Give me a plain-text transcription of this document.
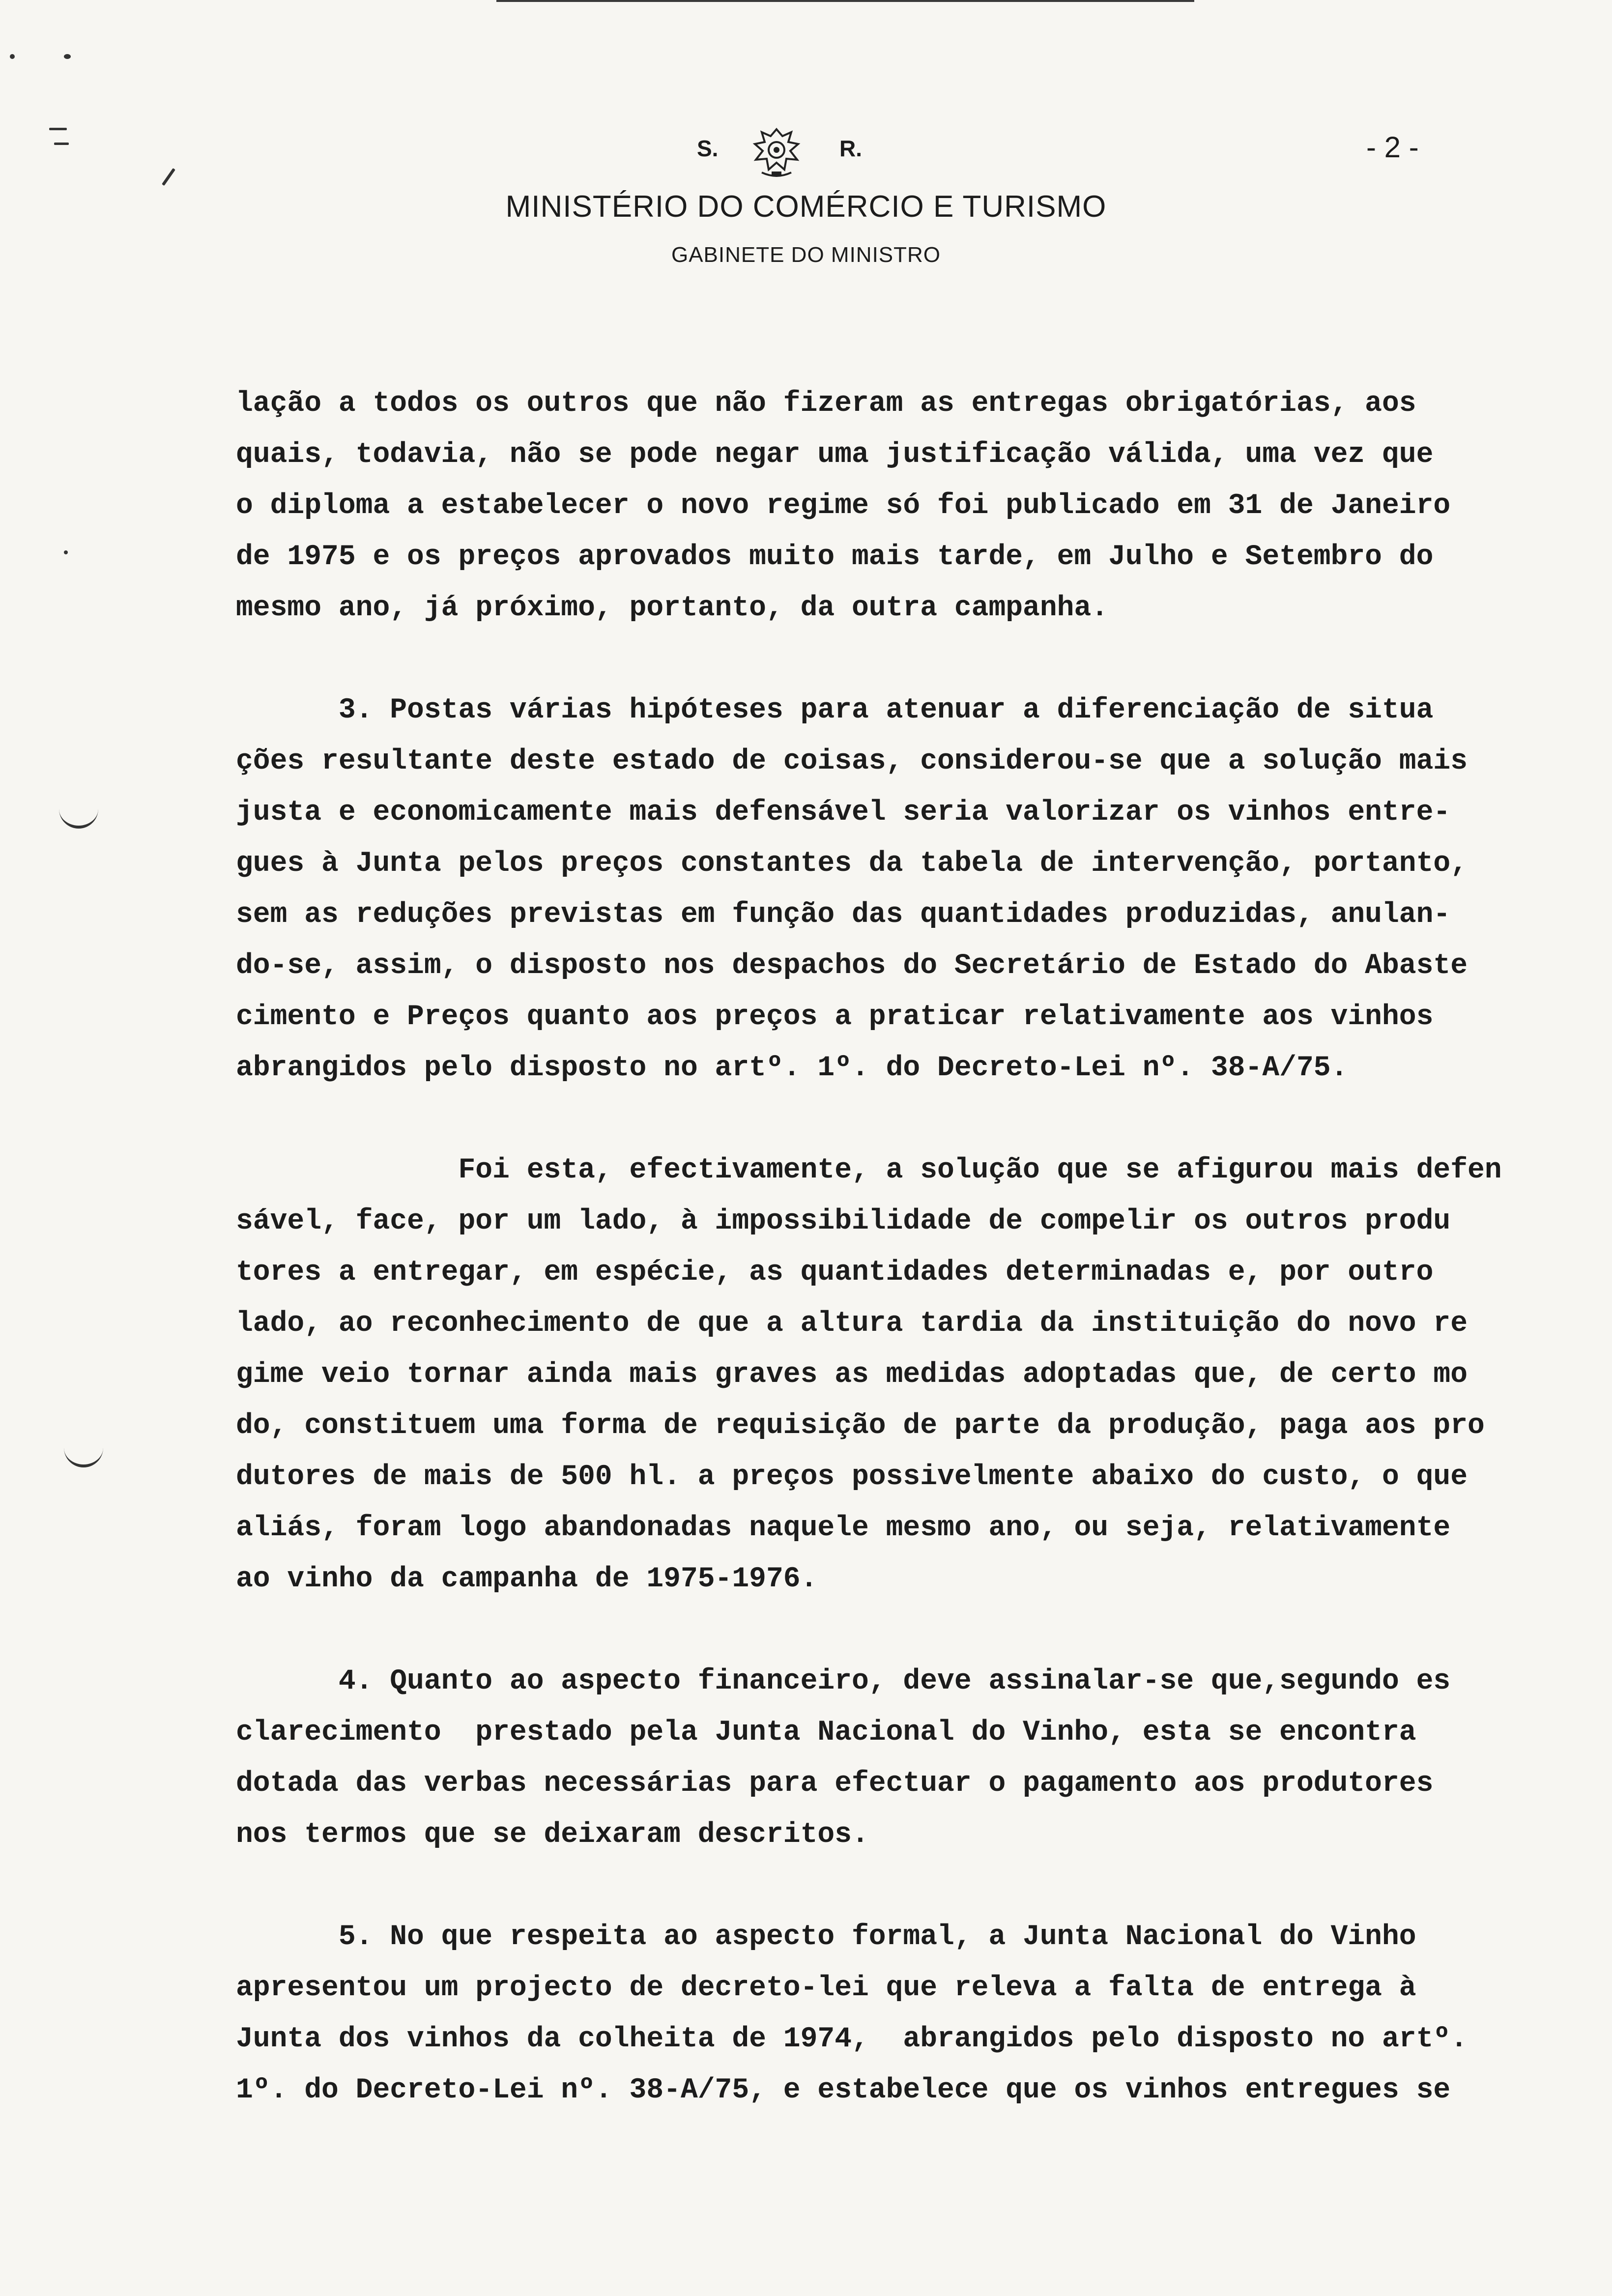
S.	R.	- 2 -
MINISTÉRIO DO COMÉRCIO E TURISMO
GABINETE DO MINISTRO
lação a todos os outros que não fizeram as entregas obrigatórias, aos
quais, todavia, não se pode negar uma justificação válida, uma vez que
o diploma a estabelecer o novo regime só foi publicado em 31 de Janeiro
de 1975 e os preços aprovados muito mais tarde, em Julho e Setembro do
mesmo ano, já próximo, portanto, da outra campanha.
3. Postas várias hipóteses para atenuar a diferenciação de situa
ções resultante deste estado de coisas, considerou-se que a solução mais
justa e economicamente mais defensável seria valorizar os vinhos entre-
gues à Junta pelos preços constantes da tabela de intervenção, portanto,
sem as reduções previstas em função das quantidades produzidas, anulan-
do-se, assim, o disposto nos despachos do Secretário de Estado do Abaste
cimento e Preços quanto aos preços a praticar relativamente aos vinhos
abrangidos pelo disposto no artº. 1º. do Decreto-Lei nº. 38-A/75.
Foi esta, efectivamente, a solução que se afigurou mais defen
sável, face, por um lado, à impossibilidade de compelir os outros produ
tores a entregar, em espécie, as quantidades determinadas e, por outro
lado, ao reconhecimento de que a altura tardia da instituição do novo re
gime veio tornar ainda mais graves as medidas adoptadas que, de certo mo
do, constituem uma forma de requisição de parte da produção, paga aos pro
dutores de mais de 500 hl. a preços possivelmente abaixo do custo, o que
aliás, foram logo abandonadas naquele mesmo ano, ou seja, relativamente
ao vinho da campanha de 1975-1976.
4. Quanto ao aspecto financeiro, deve assinalar-se que,segundo es
clarecimento  prestado pela Junta Nacional do Vinho, esta se encontra
dotada das verbas necessárias para efectuar o pagamento aos produtores
nos termos que se deixaram descritos.
5. No que respeita ao aspecto formal, a Junta Nacional do Vinho
apresentou um projecto de decreto-lei que releva a falta de entrega à
Junta dos vinhos da colheita de 1974,  abrangidos pelo disposto no artº.
1º. do Decreto-Lei nº. 38-A/75, e estabelece que os vinhos entregues se
